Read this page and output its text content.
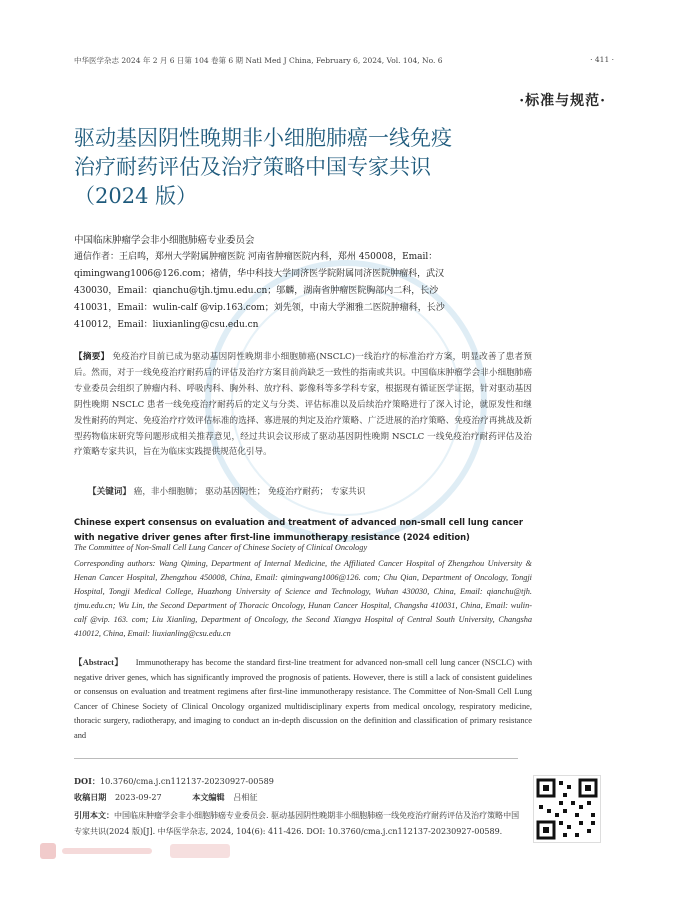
中华医学杂志 2024 年 2 月 6 日第 104 卷第 6 期 Natl Med J China, February 6, 2024, Vol. 104, No. 6	· 411 ·
·标准与规范·
驱动基因阴性晚期非小细胞肺癌一线免疫
治疗耐药评估及治疗策略中国专家共识
（2024 版）
中国临床肿瘤学会非小细胞肺癌专业委员会
通信作者：王启鸣，郑州大学附属肿瘤医院 河南省肿瘤医院内科，郑州 450008，Email：
qimingwang1006@126.com；褚倩，华中科技大学同济医学院附属同济医院肿瘤科，武汉
430030，Email：qianchu@tjh.tjmu.edu.cn；邬麟，湖南省肿瘤医院胸部内二科，长沙
410031，Email：wulin-calf @vip.163.com；刘先领，中南大学湘雅二医院肿瘤科，长沙
410012，Email：liuxianling@csu.edu.cn
【摘要】 免疫治疗目前已成为驱动基因阴性晚期非小细胞肺癌(NSCLC)一线治疗的标准治疗方案，明显改善了患者预后。然而，对于一线免疫治疗耐药后的评估及治疗方案目前尚缺乏一致性的指南或共识。中国临床肿瘤学会非小细胞肺癌专业委员会组织了肿瘤内科、呼吸内科、胸外科、放疗科、影像科等多学科专家，根据现有循证医学证据，针对驱动基因阴性晚期 NSCLC 患者一线免疫治疗耐药后的定义与分类、评估标准以及后续治疗策略进行了深入讨论，就原发性和继发性耐药的判定、免疫治疗疗效评估标准的选择、寡进展的判定及治疗策略、广泛进展的治疗策略、免疫治疗再挑战及新型药物临床研究等问题形成相关推荐意见，经过共识会议形成了驱动基因阴性晚期 NSCLC 一线免疫治疗耐药评估及治疗策略专家共识，旨在为临床实践提供规范化引导。
【关键词】 癌，非小细胞肺； 驱动基因阴性； 免疫治疗耐药； 专家共识
Chinese expert consensus on evaluation and treatment of advanced non-small cell lung cancer with negative driver genes after first-line immunotherapy resistance (2024 edition)
The Committee of Non-Small Cell Lung Cancer of Chinese Society of Clinical Oncology
Corresponding authors: Wang Qiming, Department of Internal Medicine, the Affiliated Cancer Hospital of Zhengzhou University & Henan Cancer Hospital, Zhengzhou 450008, China, Email: qimingwang1006@126. com; Chu Qian, Department of Oncology, Tongji Hospital, Tongji Medical College, Huazhong University of Science and Technology, Wuhan 430030, China, Email: qianchu@tjh. tjmu.edu.cn; Wu Lin, the Second Department of Thoracic Oncology, Hunan Cancer Hospital, Changsha 410031, China, Email: wulin-calf @vip. 163. com; Liu Xianling, Department of Oncology, the Second Xiangya Hospital of Central South University, Changsha 410012, China, Email: liuxianling@csu.edu.cn
【Abstract】 Immunotherapy has become the standard first-line treatment for advanced non-small cell lung cancer (NSCLC) with negative driver genes, which has significantly improved the prognosis of patients. However, there is still a lack of consistent guidelines or consensus on evaluation and treatment regimens after first-line immunotherapy resistance. The Committee of Non-Small Cell Lung Cancer of Chinese Society of Clinical Oncology organized multidisciplinary experts from medical oncology, respiratory medicine, thoracic surgery, radiotherapy, and imaging to conduct an in-depth discussion on the definition and classification of primary resistance and
DOI：10.3760/cma.j.cn112137-20230927-00589
收稿日期 2023-09-27	本文编辑 吕相征
引用本文：中国临床肿瘤学会非小细胞肺癌专业委员会. 驱动基因阴性晚期非小细胞肺癌一线免疫治疗耐药评估及治疗策略中国专家共识(2024 版)[J]. 中华医学杂志, 2024, 104(6): 411-426. DOI: 10.3760/cma.j.cn112137-20230927-00589.
